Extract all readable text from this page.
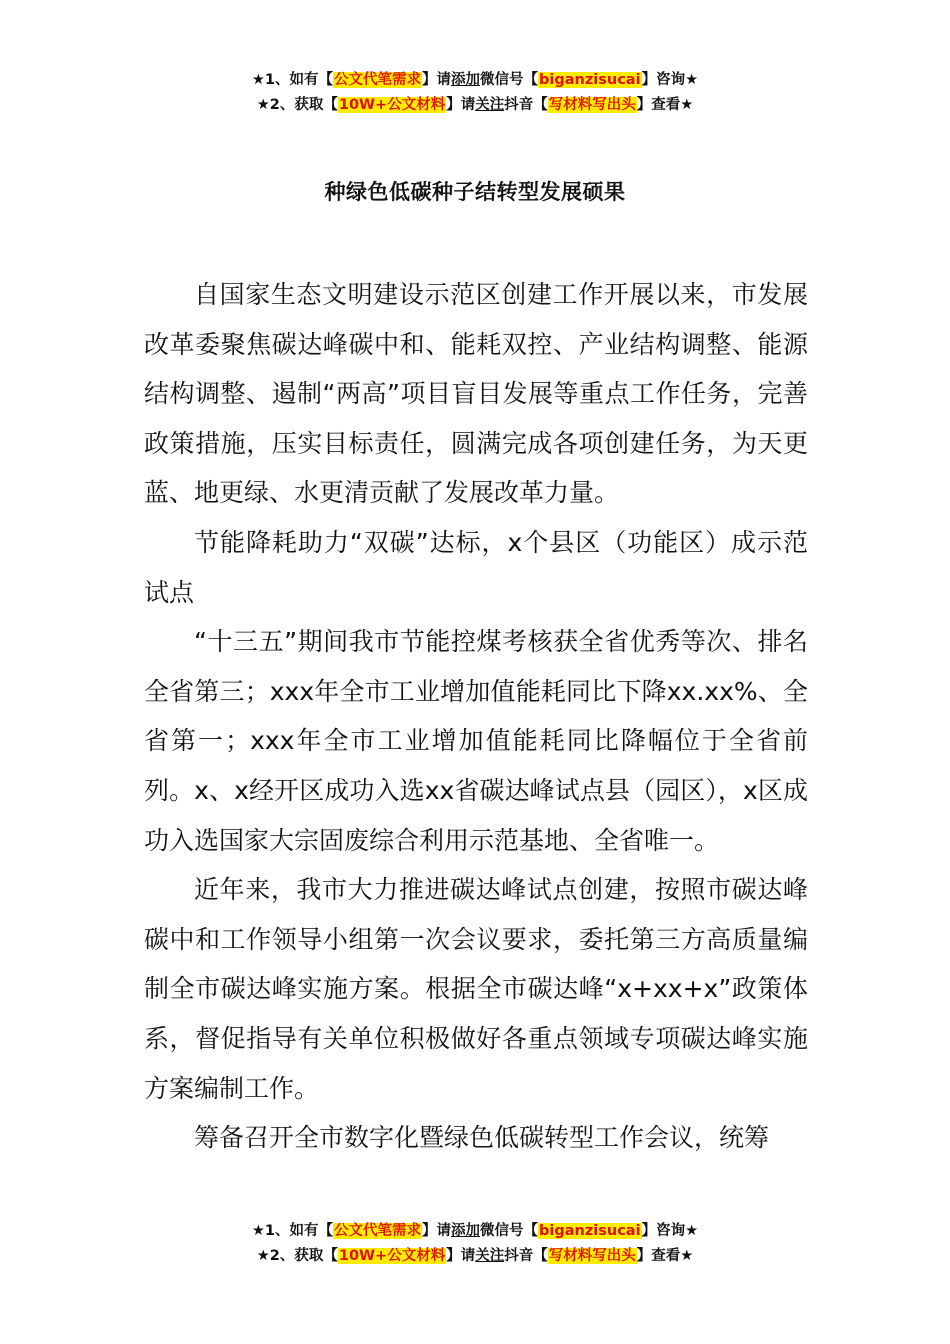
★1、如有【公文代笔需求】请添加微信号【biganzisucai】咨询★
★2、获取【10W+公文材料】请关注抖音【写材料写出头】查看★
种绿色低碳种子结转型发展硕果

自国家生态文明建设示范区创建工作开展以来，市发展改革委聚焦碳达峰碳中和、能耗双控、产业结构调整、能源结构调整、遏制“两高”项目盲目发展等重点工作任务，完善政策措施，压实目标责任，圆满完成各项创建任务，为天更蓝、地更绿、水更清贡献了发展改革力量。

节能降耗助力“双碳”达标，x个县区（功能区）成示范试点

“十三五”期间我市节能控煤考核获全省优秀等次、排名全省第三；xxx年全市工业增加值能耗同比下降xx.xx%、全省第一；xxx年全市工业增加值能耗同比降幅位于全省前列。x、x经开区成功入选xx省碳达峰试点县（园区），x区成功入选国家大宗固废综合利用示范基地、全省唯一。

近年来，我市大力推进碳达峰试点创建，按照市碳达峰碳中和工作领导小组第一次会议要求，委托第三方高质量编制全市碳达峰实施方案。根据全市碳达峰“x+xx+x”政策体系，督促指导有关单位积极做好各重点领域专项碳达峰实施方案编制工作。

筹备召开全市数字化暨绿色低碳转型工作会议，统筹

★1、如有【公文代笔需求】请添加微信号【biganzisucai】咨询★
★2、获取【10W+公文材料】请关注抖音【写材料写出头】查看★
